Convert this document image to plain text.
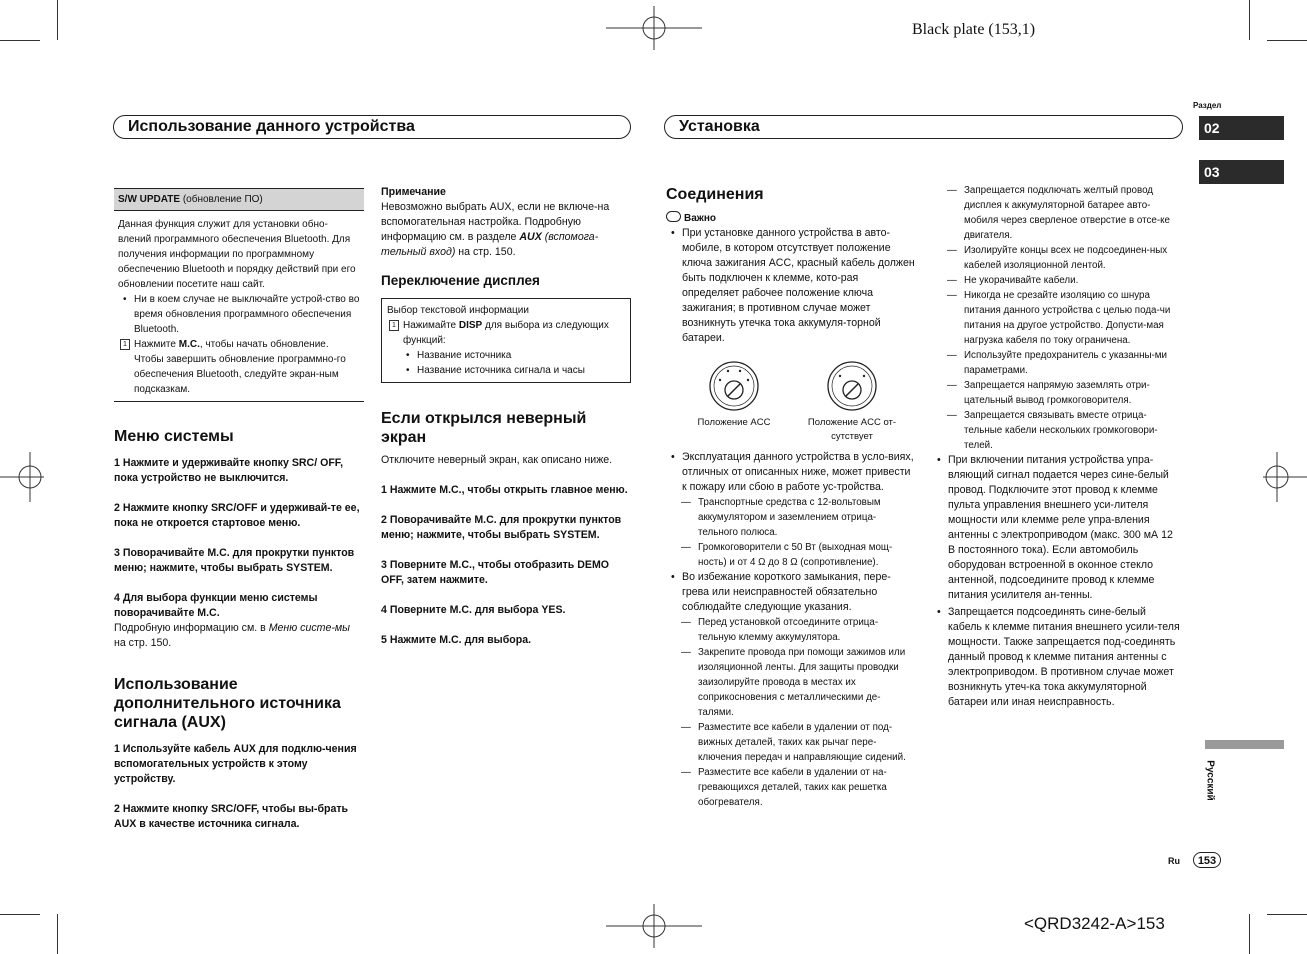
Black plate (153,1)
<QRD3242-A>153
Раздел
02
03
Русский
Ru	153
Использование данного устройства	Установка
S/W UPDATE (обновление ПО)

Данная функция служит для установки обно-влений программного обеспечения Bluetooth. Для получения информации по программному обеспечению Bluetooth и порядку действий при его обновлении посетите наш сайт.

• Ни в коем случае не выключайте устрой-ство во время обновления программного обеспечения Bluetooth.
1 Нажмите M.C., чтобы начать обновление. Чтобы завершить обновление программно-го обеспечения Bluetooth, следуйте экран-ным подсказкам.
Меню системы
1 Нажмите и удерживайте кнопку SRC/ OFF, пока устройство не выключится.
2 Нажмите кнопку SRC/OFF и удерживай-те ее, пока не откроется стартовое меню.
3 Поворачивайте M.C. для прокрутки пунктов меню; нажмите, чтобы выбрать SYSTEM.
4 Для выбора функции меню системы поворачивайте M.C.

Подробную информацию см. в Меню систе-мы на стр. 150.

Использование дополнительного источника сигнала (AUX)
1 Используйте кабель AUX для подклю-чения вспомогательных устройств к этому устройству.
2 Нажмите кнопку SRC/OFF, чтобы вы-брать AUX в качестве источника сигнала.
Примечание

Невозможно выбрать AUX, если не включе-на вспомогательная настройка. Подробную информацию см. в разделе AUX (вспомога-тельный вход) на стр. 150.

Переключение дисплея
Выбор текстовой информации
1 Нажимайте DISP для выбора из следующих функций:
• Название источника
• Название источника сигнала и часы
Если открылся неверный экран

Отключите неверный экран, как описано ниже.

1 Нажмите M.C., чтобы открыть главное меню.
2 Поворачивайте M.C. для прокрутки пунктов меню; нажмите, чтобы выбрать SYSTEM.
3 Поверните M.C., чтобы отобразить DEMO OFF, затем нажмите.
4 Поверните M.C. для выбора YES.
5 Нажмите M.C. для выбора.
Соединения
Важно
• При установке данного устройства в авто-мобиле, в котором отсутствует положение ключа зажигания ACC, красный кабель должен быть подключен к клемме, кото-рая определяет рабочее положение ключа зажигания; в противном случае может возникнуть утечка тока аккумуля-торной батареи.
Положение ACC	Положение ACC от-сутствует
• Эксплуатация данного устройства в усло-виях, отличных от описанных ниже, может привести к пожару или сбою в работе ус-тройства.
— Транспортные средства с 12-вольтовым аккумулятором и заземлением отрица-тельного полюса.
— Громкоговорители с 50 Вт (выходная мощ-ность) и от 4 Ω до 8 Ω (сопротивление).
• Во избежание короткого замыкания, пере-грева или неисправностей обязательно соблюдайте следующие указания.
— Перед установкой отсоедините отрица-тельную клемму аккумулятора.
— Закрепите провода при помощи зажимов или изоляционной ленты. Для защиты проводки заизолируйте провода в местах их соприкосновения с металлическими де-талями.
— Разместите все кабели в удалении от под-вижных деталей, таких как рычаг пере-ключения передач и направляющие сидений.
— Разместите все кабели в удалении от на-гревающихся деталей, таких как решетка обогревателя.
— Запрещается подключать желтый провод дисплея к аккумуляторной батарее авто-мобиля через сверленое отверстие в отсе-ке двигателя.
— Изолируйте концы всех не подсоединен-ных кабелей изоляционной лентой.
— Не укорачивайте кабели.
— Никогда не срезайте изоляцию со шнура питания данного устройства с целью пода-чи питания на другое устройство. Допусти-мая нагрузка кабеля по току ограничена.
— Используйте предохранитель с указанны-ми параметрами.
— Запрещается напрямую заземлять отри-цательный вывод громкоговорителя.
— Запрещается связывать вместе отрица-тельные кабели нескольких громкоговори-телей.
• При включении питания устройства упра-вляющий сигнал подается через сине-белый провод. Подключите этот провод к клемме пульта управления внешнего уси-лителя мощности или клемме реле упра-вления антенны с электроприводом (макс. 300 мА 12 В постоянного тока). Если автомобиль оборудован встроенной в оконное стекло антенной, подсоедините провод к клемме питания усилителя ан-тенны.
• Запрещается подсоединять сине-белый кабель к клемме питания внешнего усили-теля мощности. Также запрещается под-соединять данный провод к клемме питания антенны с электроприводом. В противном случае может возникнуть утеч-ка тока аккумуляторной батареи или иная неисправность.
